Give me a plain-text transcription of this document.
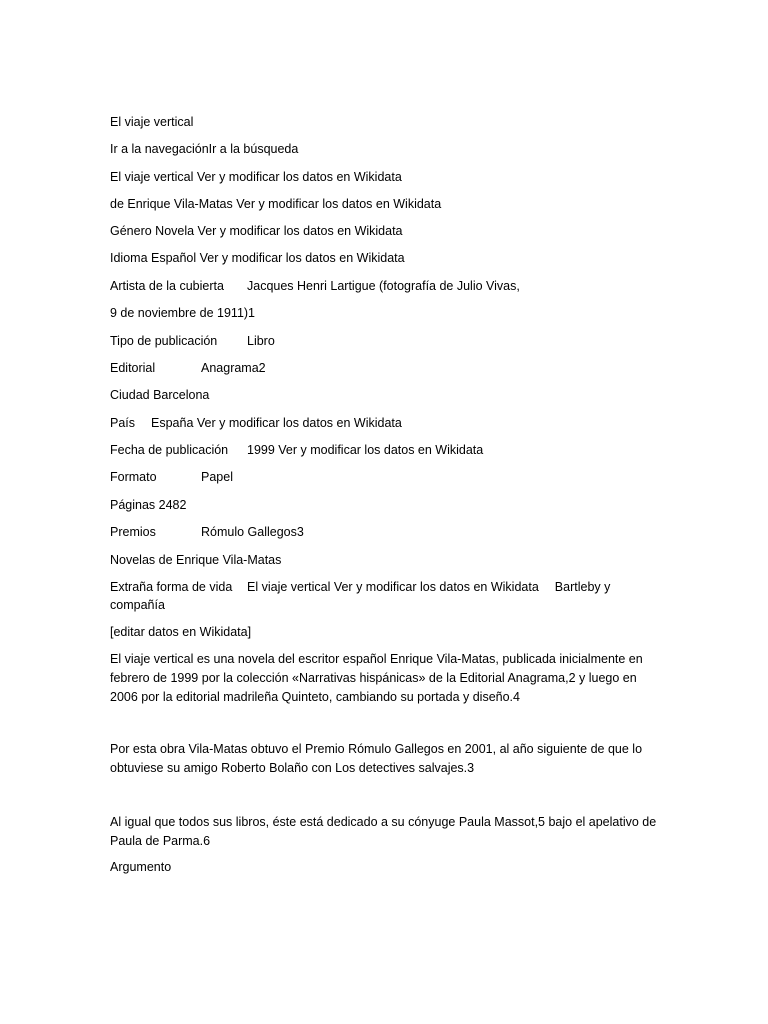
El viaje vertical
Ir a la navegaciónIr a la búsqueda
El viaje vertical Ver y modificar los datos en Wikidata
de Enrique Vila-Matas Ver y modificar los datos en Wikidata
Género Novela Ver y modificar los datos en Wikidata
Idioma Español Ver y modificar los datos en Wikidata
Artista de la cubierta Jacques Henri Lartigue (fotografía de Julio Vivas,
9 de noviembre de 1911)1
Tipo de publicación Libro
Editorial	Anagrama2
Ciudad Barcelona
País España Ver y modificar los datos en Wikidata
Fecha de publicación 1999 Ver y modificar los datos en Wikidata
Formato	Papel
Páginas 2482
Premios	Rómulo Gallegos3
Novelas de Enrique Vila-Matas
Extraña forma de vida El viaje vertical Ver y modificar los datos en Wikidata Bartleby y
compañía
[editar datos en Wikidata]
El viaje vertical es una novela del escritor español Enrique Vila-Matas, publicada inicialmente en febrero de 1999 por la colección «Narrativas hispánicas» de la Editorial Anagrama,2 y luego en 2006 por la editorial madrileña Quinteto, cambiando su portada y diseño.4
Por esta obra Vila-Matas obtuvo el Premio Rómulo Gallegos en 2001, al año siguiente de que lo obtuviese su amigo Roberto Bolaño con Los detectives salvajes.3
Al igual que todos sus libros, éste está dedicado a su cónyuge Paula Massot,5 bajo el apelativo de Paula de Parma.6
Argumento
